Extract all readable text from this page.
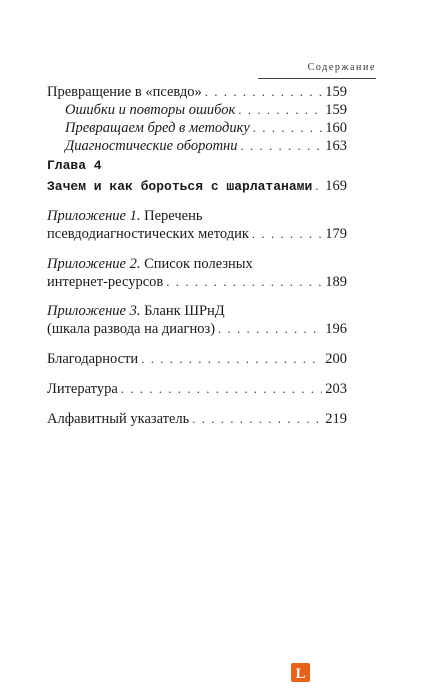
Содержание
Превращение в «псевдо» . . .	159
Ошибки и повторы ошибок . . .	159
Превращаем бред в методику . . .	160
Диагностические оборотни . . .	163
Глава 4
Зачем и как бороться с шарлатанами . . . 169
Приложение 1. Перечень
псевдодиагностических методик . . .	179
Приложение 2. Список полезных
интернет-ресурсов . . .	189
Приложение 3. Бланк ШРнД
(шкала развода на диагноз) . . .	196
Благодарности . . .	200
Литература . . .	203
Алфавитный указатель . . .	219
L
